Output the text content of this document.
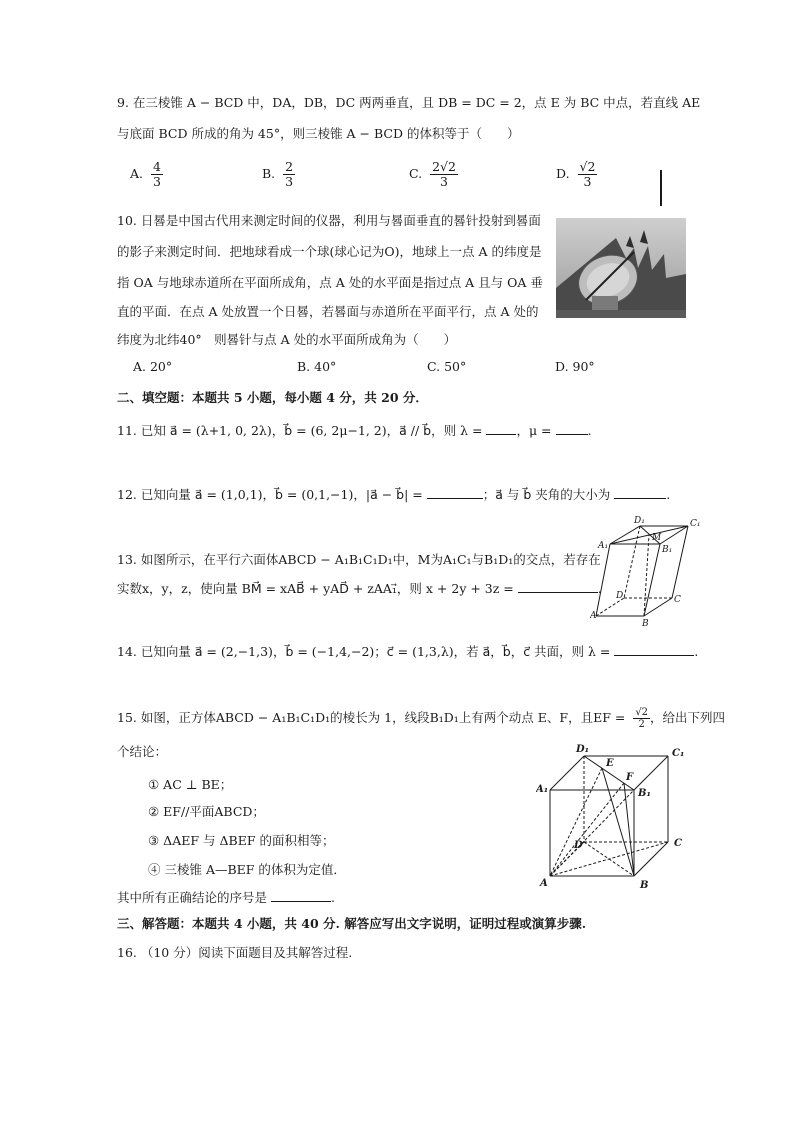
9. 在三棱锥 A − BCD 中，DA，DB，DC 两两垂直，且 DB = DC = 2，点 E 为 BC 中点，若直线 AE
与底面 BCD 所成的角为 45°，则三棱锥 A − BCD 的体积等于（　　）
A. $\frac{4}{3}$	B. $\frac{2}{3}$	C. $\frac{2√2}{3}$	D. $\frac{√2}{3}$
10. 日晷是中国古代用来测定时间的仪器，利用与晷面垂直的晷针投射到晷面
的影子来测定时间．把地球看成一个球(球心记为O)，地球上一点 A 的纬度是
指 OA 与地球赤道所在平面所成角，点 A 处的水平面是指过点 A 且与 OA 垂
直的平面．在点 A 处放置一个日晷，若晷面与赤道所在平面平行，点 A 处的
纬度为北纬40°　则晷针与点 A 处的水平面所成角为（　　）
A. 20°	B. 40°	C. 50°	D. 90°
二、填空题：本题共 5 小题，每小题 4 分，共 20 分．
11. 已知 a⃗ = (λ+1, 0, 2λ)，b⃗ = (6, 2μ−1, 2)，a⃗ // b⃗，则 λ =	，μ =	.
12. 已知向量 a⃗ = (1,0,1)，b⃗ = (0,1,−1)，|a⃗ − b⃗| =	；a⃗ 与 b⃗ 夹角的大小为	.
13. 如图所示，在平行六面体ABCD − A₁B₁C₁D₁中，M为A₁C₁与B₁D₁的交点，若存在
实数x，y，z，使向量 BM⃗ = xAB⃗ + yAD⃗ + zAA₁⃗，则 x + 2y + 3z =	.
D₁	C₁
A₁	B₁
M
D	C
A
B
14. 已知向量 a⃗ = (2,−1,3)，b⃗ = (−1,4,−2)；c⃗ = (1,3,λ)，若 a⃗，b⃗，c⃗ 共面，则 λ =	.
15. 如图，正方体ABCD − A₁B₁C₁D₁的棱长为 1，线段B₁D₁上有两个动点 E、F，且EF = $\frac{√2}{2}$ ，给出下列四
个结论：
① AC ⊥ BE；
② EF//平面ABCD；
③ ΔAEF 与 ΔBEF 的面积相等；
④ 三棱锥 A—BEF 的体积为定值．
其中所有正确结论的序号是	.
D₁	C₁
A₁	B₁
E
F
D	C
A	B
三、解答题：本题共 4 小题，共 40 分. 解答应写出文字说明，证明过程或演算步骤.
16. （10 分）阅读下面题目及其解答过程.
